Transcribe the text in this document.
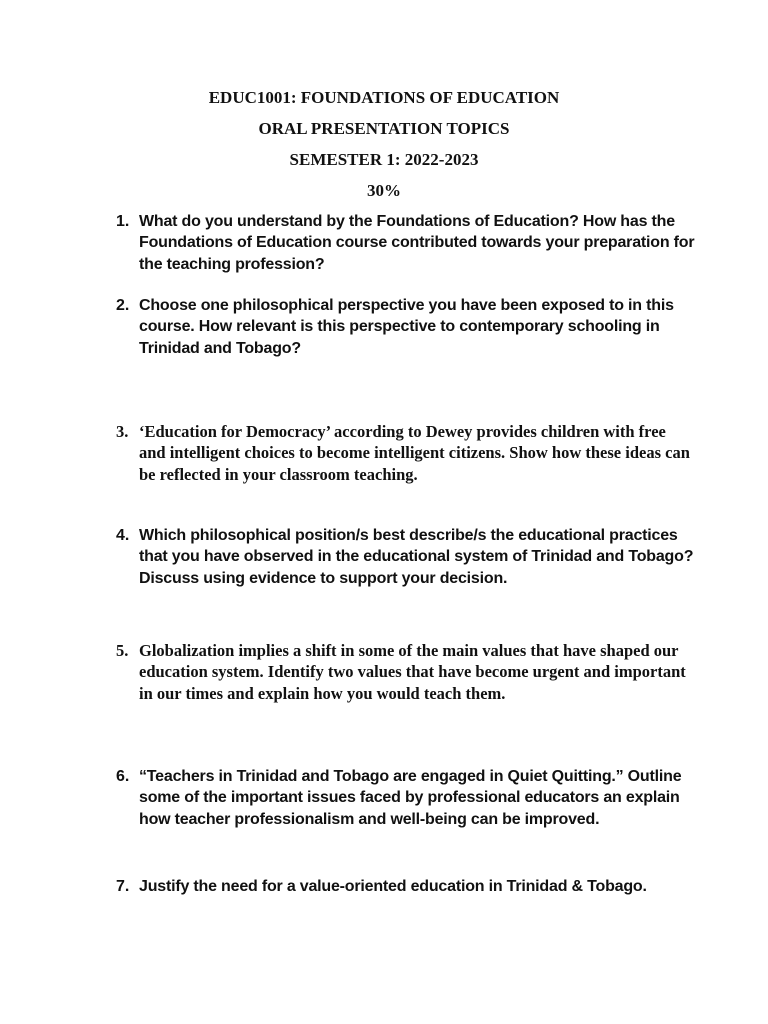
EDUC1001: FOUNDATIONS OF EDUCATION
ORAL PRESENTATION TOPICS
SEMESTER 1: 2022-2023
30%
1. What do you understand by the Foundations of Education? How has the Foundations of Education course contributed towards your preparation for the teaching profession?
2. Choose one philosophical perspective you have been exposed to in this course. How relevant is this perspective to contemporary schooling in Trinidad and Tobago?
3. ‘Education for Democracy’ according to Dewey provides children with free and intelligent choices to become intelligent citizens. Show how these ideas can be reflected in your classroom teaching.
4. Which philosophical position/s best describe/s the educational practices that you have observed in the educational system of Trinidad and Tobago? Discuss using evidence to support your decision.
5. Globalization implies a shift in some of the main values that have shaped our education system. Identify two values that have become urgent and important in our times and explain how you would teach them.
6. “Teachers in Trinidad and Tobago are engaged in Quiet Quitting.” Outline some of the important issues faced by professional educators an explain how teacher professionalism and well-being can be improved.
7. Justify the need for a value-oriented education in Trinidad & Tobago.
